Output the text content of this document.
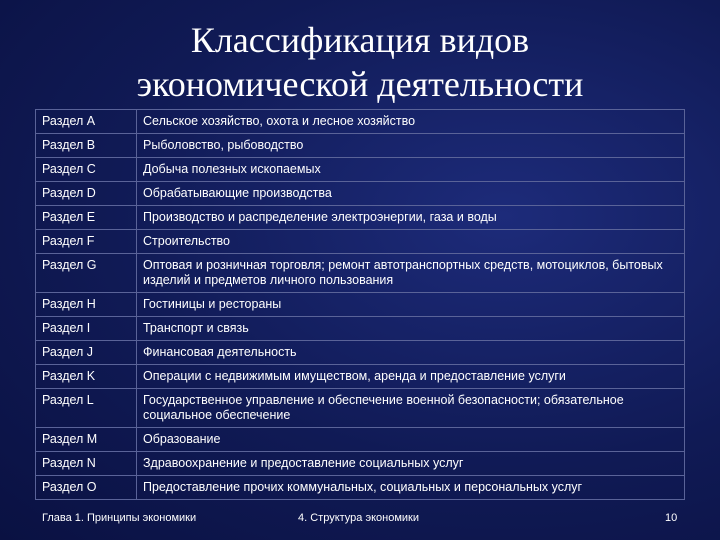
Классификация видов
экономической деятельности
Раздел A	Сельское хозяйство, охота и лесное хозяйство
Раздел B	Рыболовство, рыбоводство
Раздел C	Добыча полезных ископаемых
Раздел D	Обрабатывающие производства
Раздел E	Производство и распределение электроэнергии, газа и воды
Раздел F	Строительство
Раздел G	Оптовая и розничная торговля; ремонт автотранспортных средств, мотоциклов, бытовых изделий и предметов личного пользования
Раздел H	Гостиницы и рестораны
Раздел I	Транспорт и связь
Раздел J	Финансовая деятельность
Раздел K	Операции с недвижимым имуществом, аренда и предоставление услуги
Раздел L	Государственное управление и обеспечение военной безопасности; обязательное социальное обеспечение
Раздел M	Образование
Раздел N	Здравоохранение и предоставление социальных услуг
Раздел O	Предоставление прочих коммунальных, социальных и персональных услуг
Глава 1. Принципы экономики	4. Структура экономики	10
